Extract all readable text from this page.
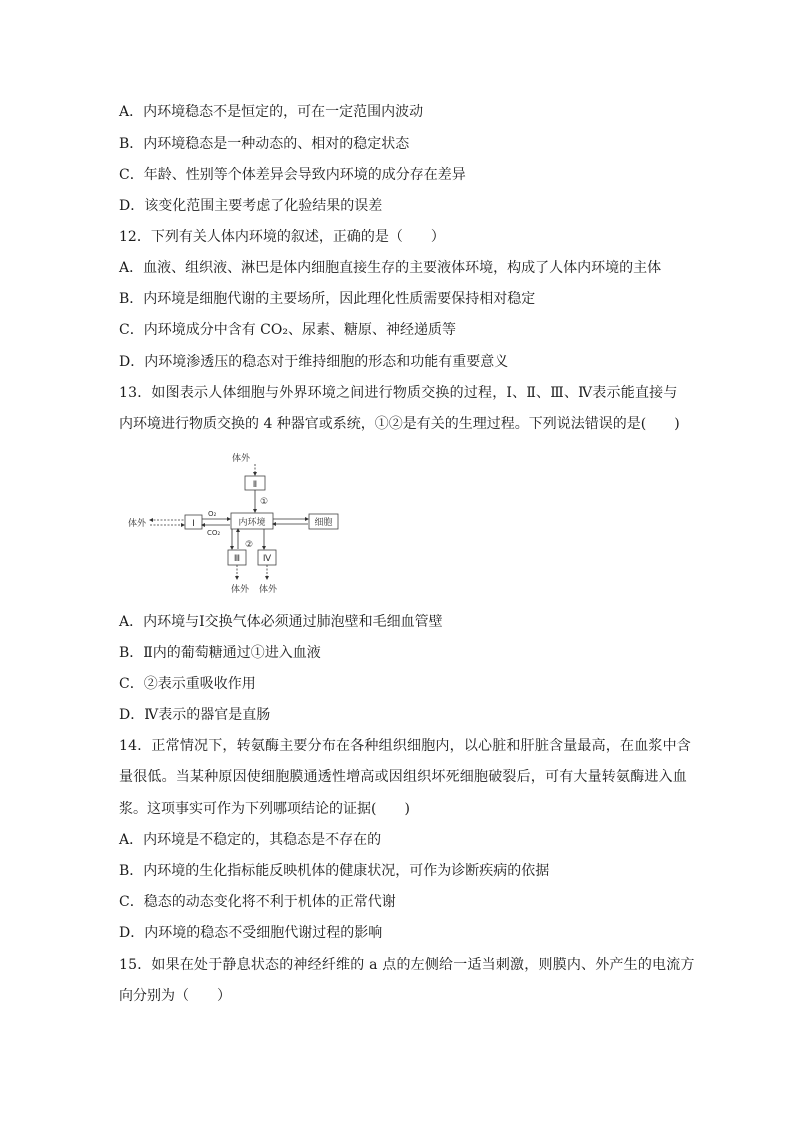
A．内环境稳态不是恒定的，可在一定范围内波动
B．内环境稳态是一种动态的、相对的稳定状态
C．年龄、性别等个体差异会导致内环境的成分存在差异
D．该变化范围主要考虑了化验结果的误差
12．下列有关人体内环境的叙述，正确的是（　　）
A．血液、组织液、淋巴是体内细胞直接生存的主要液体环境，构成了人体内环境的主体
B．内环境是细胞代谢的主要场所，因此理化性质需要保持相对稳定
C．内环境成分中含有 CO₂、尿素、糖原、神经递质等
D．内环境渗透压的稳态对于维持细胞的形态和功能有重要意义
13．如图表示人体细胞与外界环境之间进行物质交换的过程，Ⅰ、Ⅱ、Ⅲ、Ⅳ表示能直接与
内环境进行物质交换的 4 种器官或系统，①②是有关的生理过程。下列说法错误的是(　　)
体外
Ⅱ
①
体外	Ⅰ
O₂
CO₂
内环境	细胞
②
Ⅲ	Ⅳ
体外 体外
A．内环境与Ⅰ交换气体必须通过肺泡壁和毛细血管壁
B．Ⅱ内的葡萄糖通过①进入血液
C．②表示重吸收作用
D．Ⅳ表示的器官是直肠
14．正常情况下，转氨酶主要分布在各种组织细胞内，以心脏和肝脏含量最高，在血浆中含
量很低。当某种原因使细胞膜通透性增高或因组织坏死细胞破裂后，可有大量转氨酶进入血
浆。这项事实可作为下列哪项结论的证据(　　)
A．内环境是不稳定的，其稳态是不存在的
B．内环境的生化指标能反映机体的健康状况，可作为诊断疾病的依据
C．稳态的动态变化将不利于机体的正常代谢
D．内环境的稳态不受细胞代谢过程的影响
15．如果在处于静息状态的神经纤维的 a 点的左侧给一适当刺激，则膜内、外产生的电流方
向分别为（　　）
